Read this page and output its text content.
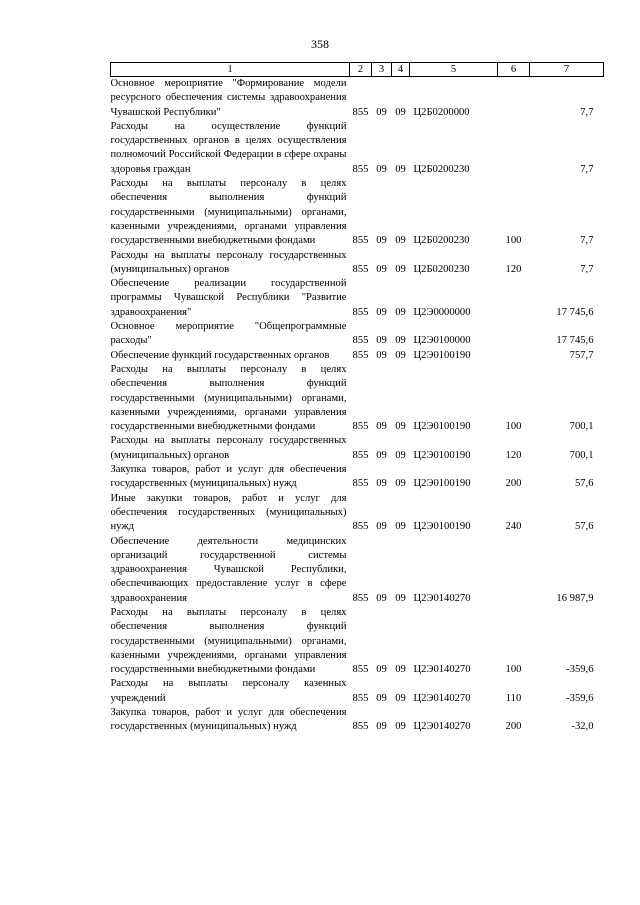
358
1	2	3	4	5	6	7
Основное мероприятие "Формирование модели ресурсного обеспечения системы здравоохранения Чувашской Республики"	855	09	09	Ц2Б0200000		7,7
Расходы на осуществление функций государственных органов в целях осуществления полномочий Российской Федерации в сфере охраны здоровья граждан	855	09	09	Ц2Б0200230		7,7
Расходы на выплаты персоналу в целях обеспечения выполнения функций государственными (муниципальными) органами, казенными учреждениями, органами управления государственными внебюджетными фондами	855	09	09	Ц2Б0200230	100	7,7
Расходы на выплаты персоналу государственных (муниципальных) органов	855	09	09	Ц2Б0200230	120	7,7
Обеспечение реализации государственной программы Чувашской Республики "Развитие здравоохранения"	855	09	09	Ц2Э0000000		17 745,6
Основное мероприятие "Общепрограммные расходы"	855	09	09	Ц2Э0100000		17 745,6
Обеспечение функций государственных органов	855	09	09	Ц2Э0100190		757,7
Расходы на выплаты персоналу в целях обеспечения выполнения функций государственными (муниципальными) органами, казенными учреждениями, органами управления государственными внебюджетными фондами	855	09	09	Ц2Э0100190	100	700,1
Расходы на выплаты персоналу государственных (муниципальных) органов	855	09	09	Ц2Э0100190	120	700,1
Закупка товаров, работ и услуг для обеспечения государственных (муниципальных) нужд	855	09	09	Ц2Э0100190	200	57,6
Иные закупки товаров, работ и услуг для обеспечения государственных (муниципальных) нужд	855	09	09	Ц2Э0100190	240	57,6
Обеспечение деятельности медицинских организаций государственной системы здравоохранения Чувашской Республики, обеспечивающих предоставление услуг в сфере здравоохранения	855	09	09	Ц2Э0140270		16 987,9
Расходы на выплаты персоналу в целях обеспечения выполнения функций государственными (муниципальными) органами, казенными учреждениями, органами управления государственными внебюджетными фондами	855	09	09	Ц2Э0140270	100	-359,6
Расходы на выплаты персоналу казенных учреждений	855	09	09	Ц2Э0140270	110	-359,6
Закупка товаров, работ и услуг для обеспечения государственных (муниципальных) нужд	855	09	09	Ц2Э0140270	200	-32,0
